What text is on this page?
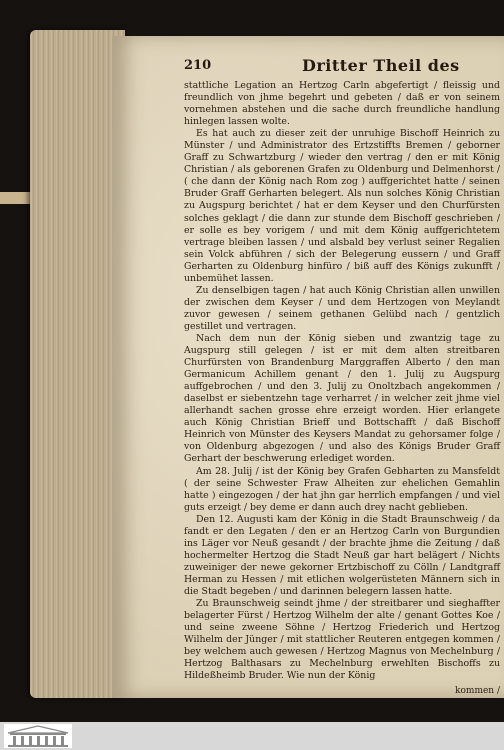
210	Dritter Theil des

stattliche Legation an Hertzog Carln abgefertigt / fleissig und freundlich von jhme begehrt und gebeten / daß er von seinem vornehmen abstehen und die sache durch freundliche handlung hinlegen lassen wolte.

Es hat auch zu dieser zeit der unruhige Bischoff Heinrich zu Münster / und Administrator des Ertzstiffts Bremen / geborner Graff zu Schwartzburg / wieder den vertrag / den er mit König Christian / als geborenen Grafen zu Oldenburg und Delmenhorst / ( che dann der König nach Rom zog ) auffgerichtet hatte / seinen Bruder Graff Gerharten belegert. Als nun solches König Christian zu Augspurg berichtet / hat er dem Keyser und den Churfürsten solches geklagt / die dann zur stunde dem Bischoff geschrieben / er solle es bey vorigem / und mit dem König auffgerichtetem vertrage bleiben lassen / und alsbald bey verlust seiner Regalien sein Volck abführen / sich der Belegerung eussern / und Graff Gerharten zu Oldenburg hinfüro / biß auff des Königs zukunfft / unbemühet lassen.

Zu denselbigen tagen / hat auch König Christian allen unwillen der zwischen dem Keyser / und dem Hertzogen von Meylandt zuvor gewesen / seinem gethanen Gelübd nach / gentzlich gestillet und vertragen.

Nach dem nun der König sieben und zwantzig tage zu Augspurg still gelegen / ist er mit dem alten streitbaren Churfürsten von Brandenburg Marggraffen Alberto / den man Germanicum Achillem genant / den 1. Julij zu Augspurg auffgebrochen / und den 3. Julij zu Onoltzbach angekommen / daselbst er siebentzehn tage verharret / in welcher zeit jhme viel allerhandt sachen grosse ehre erzeigt worden. Hier erlangete auch König Christian Brieff und Bottschafft / daß Bischoff Heinrich von Münster des Keysers Mandat zu gehorsamer folge / von Oldenburg abgezogen / und also des Königs Bruder Graff Gerhart der beschwerung erlediget worden.

Am 28. Julij / ist der König bey Grafen Gebharten zu Mansfeldt ( der seine Schwester Fraw Alheiten zur ehelichen Gemahlin hatte ) eingezogen / der hat jhn gar herrlich empfangen / und viel guts erzeigt / bey deme er dann auch drey nacht geblieben.

Den 12. Augusti kam der König in die Stadt Braunschweig / da fandt er den Legaten / den er an Hertzog Carln von Burgundien ins Läger vor Neuß gesandt / der brachte jhme die Zeitung / daß hochermelter Hertzog die Stadt Neuß gar hart belägert / Nichts zuweiniger der newe gekorner Ertzbischoff zu Cölln / Landtgraff Herman zu Hessen / mit etlichen wolgerüsteten Männern sich in die Stadt begeben / und darinnen belegern lassen hatte.

Zu Braunschweig seindt jhme / der streitbarer und sieghaffter belagerter Fürst / Hertzog Wilhelm der alte / genant Gottes Koe / und seine zweene Söhne / Hertzog Friederich und Hertzog Wilhelm der Jünger / mit stattlicher Reuteren entgegen kommen / bey welchem auch gewesen / Hertzog Magnus von Mechelnburg / Hertzog Balthasars zu Mechelnburg erwehlten Bischoffs zu Hildeßheimb Bruder. Wie nun der König

kommen /
